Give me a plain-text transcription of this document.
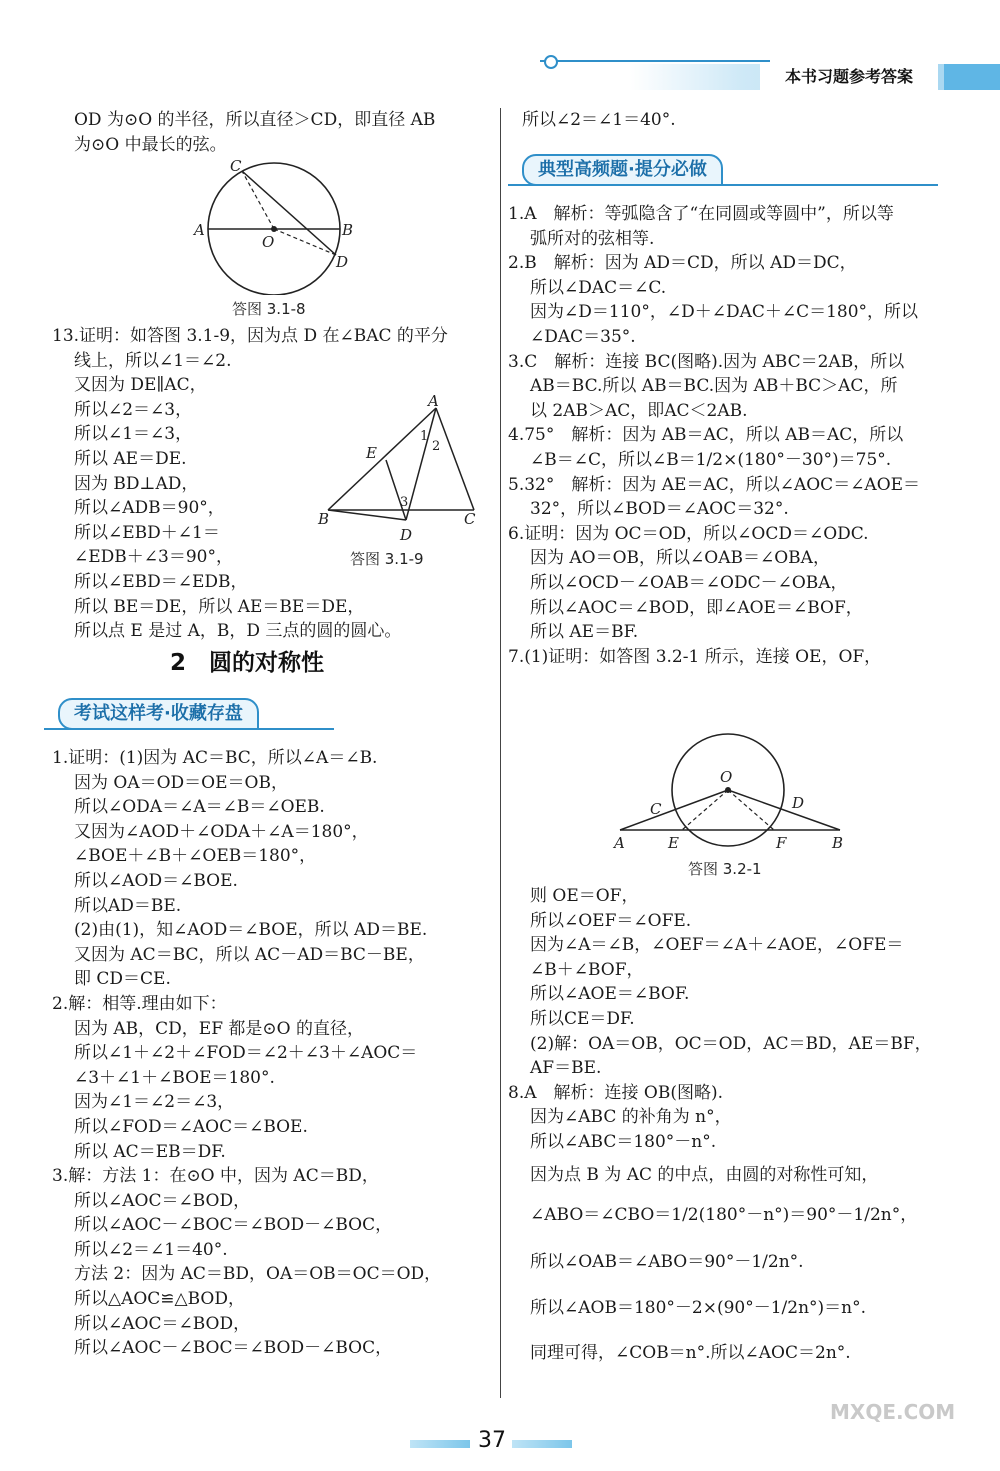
本书习题参考答案
OD 为⊙O 的半径，所以直径＞CD，即直径 AB
为⊙O 中最长的弦。
C
A
O
B
D
答图 3.1-8
13.证明：如答图 3.1-9，因为点 D 在∠BAC 的平分
线上，所以∠1＝∠2.
又因为 DE∥AC，
所以∠2＝∠3，
所以∠1＝∠3，
所以 AE＝DE.
因为 BD⊥AD，
所以∠ADB＝90°，
所以∠EBD＋∠1＝
∠EDB＋∠3＝90°，
所以∠EBD＝∠EDB，
所以 BE＝DE，所以 AE＝BE＝DE，
所以点 E 是过 A，B，D 三点的圆的圆心。
A
E
B	C
D
1
2
3
答图 3.1-9
2　圆的对称性
考试这样考·收藏存盘
1.证明：(1)因为 AC＝BC，所以∠A＝∠B.
因为 OA＝OD＝OE＝OB，
所以∠ODA＝∠A＝∠B＝∠OEB.
又因为∠AOD＋∠ODA＋∠A＝180°，
∠BOE＋∠B＋∠OEB＝180°，
所以∠AOD＝∠BOE.
所以AD＝BE.
(2)由(1)，知∠AOD＝∠BOE，所以 AD＝BE.
又因为 AC＝BC，所以 AC－AD＝BC－BE，
即 CD＝CE.
2.解：相等.理由如下：
因为 AB，CD，EF 都是⊙O 的直径，
所以∠1＋∠2＋∠FOD＝∠2＋∠3＋∠AOC＝
∠3＋∠1＋∠BOE＝180°.
因为∠1＝∠2＝∠3，
所以∠FOD＝∠AOC＝∠BOE.
所以 AC＝EB＝DF.
3.解：方法 1：在⊙O 中，因为 AC＝BD，
所以∠AOC＝∠BOD，
所以∠AOC－∠BOC＝∠BOD－∠BOC，
所以∠2＝∠1＝40°.
方法 2：因为 AC＝BD，OA＝OB＝OC＝OD，
所以△AOC≌△BOD，
所以∠AOC＝∠BOD，
所以∠AOC－∠BOC＝∠BOD－∠BOC，
所以∠2＝∠1＝40°.
典型高频题·提分必做
1.A　解析：等弧隐含了“在同圆或等圆中”，所以等
弧所对的弦相等.
2.B　解析：因为 AD＝CD，所以 AD＝DC，
所以∠DAC＝∠C.
因为∠D＝110°，∠D＋∠DAC＋∠C＝180°，所以
∠DAC＝35°.
3.C　解析：连接 BC(图略).因为 ABC＝2AB，所以
AB＝BC.所以 AB＝BC.因为 AB＋BC＞AC，所
以 2AB＞AC，即AC＜2AB.
4.75°　解析：因为 AB＝AC，所以 AB＝AC，所以
∠B＝∠C，所以∠B＝1/2×(180°－30°)＝75°.
5.32°　解析：因为 AE＝AC，所以∠AOC＝∠AOE＝
32°，所以∠BOD＝∠AOC＝32°.
6.证明：因为 OC＝OD，所以∠OCD＝∠ODC.
因为 AO＝OB，所以∠OAB＝∠OBA，
所以∠OCD－∠OAB＝∠ODC－∠OBA，
所以∠AOC＝∠BOD，即∠AOE＝∠BOF，
所以 AE＝BF.
7.(1)证明：如答图 3.2-1 所示，连接 OE，OF，
O
C	D
A	E	F	B
答图 3.2-1
则 OE＝OF，
所以∠OEF＝∠OFE.
因为∠A＝∠B，∠OEF＝∠A＋∠AOE，∠OFE＝
∠B＋∠BOF，
所以∠AOE＝∠BOF.
所以CE＝DF.
(2)解：OA＝OB，OC＝OD，AC＝BD，AE＝BF，
AF＝BE.
8.A　解析：连接 OB(图略).
因为∠ABC 的补角为 n°，
所以∠ABC＝180°－n°.
因为点 B 为 AC 的中点，由圆的对称性可知，
∠ABO＝∠CBO＝1/2(180°－n°)＝90°－1/2n°，
所以∠OAB＝∠ABO＝90°－1/2n°.
所以∠AOB＝180°－2×(90°－1/2n°)＝n°.
同理可得，∠COB＝n°.所以∠AOC＝2n°.
37
MXQE.COM
